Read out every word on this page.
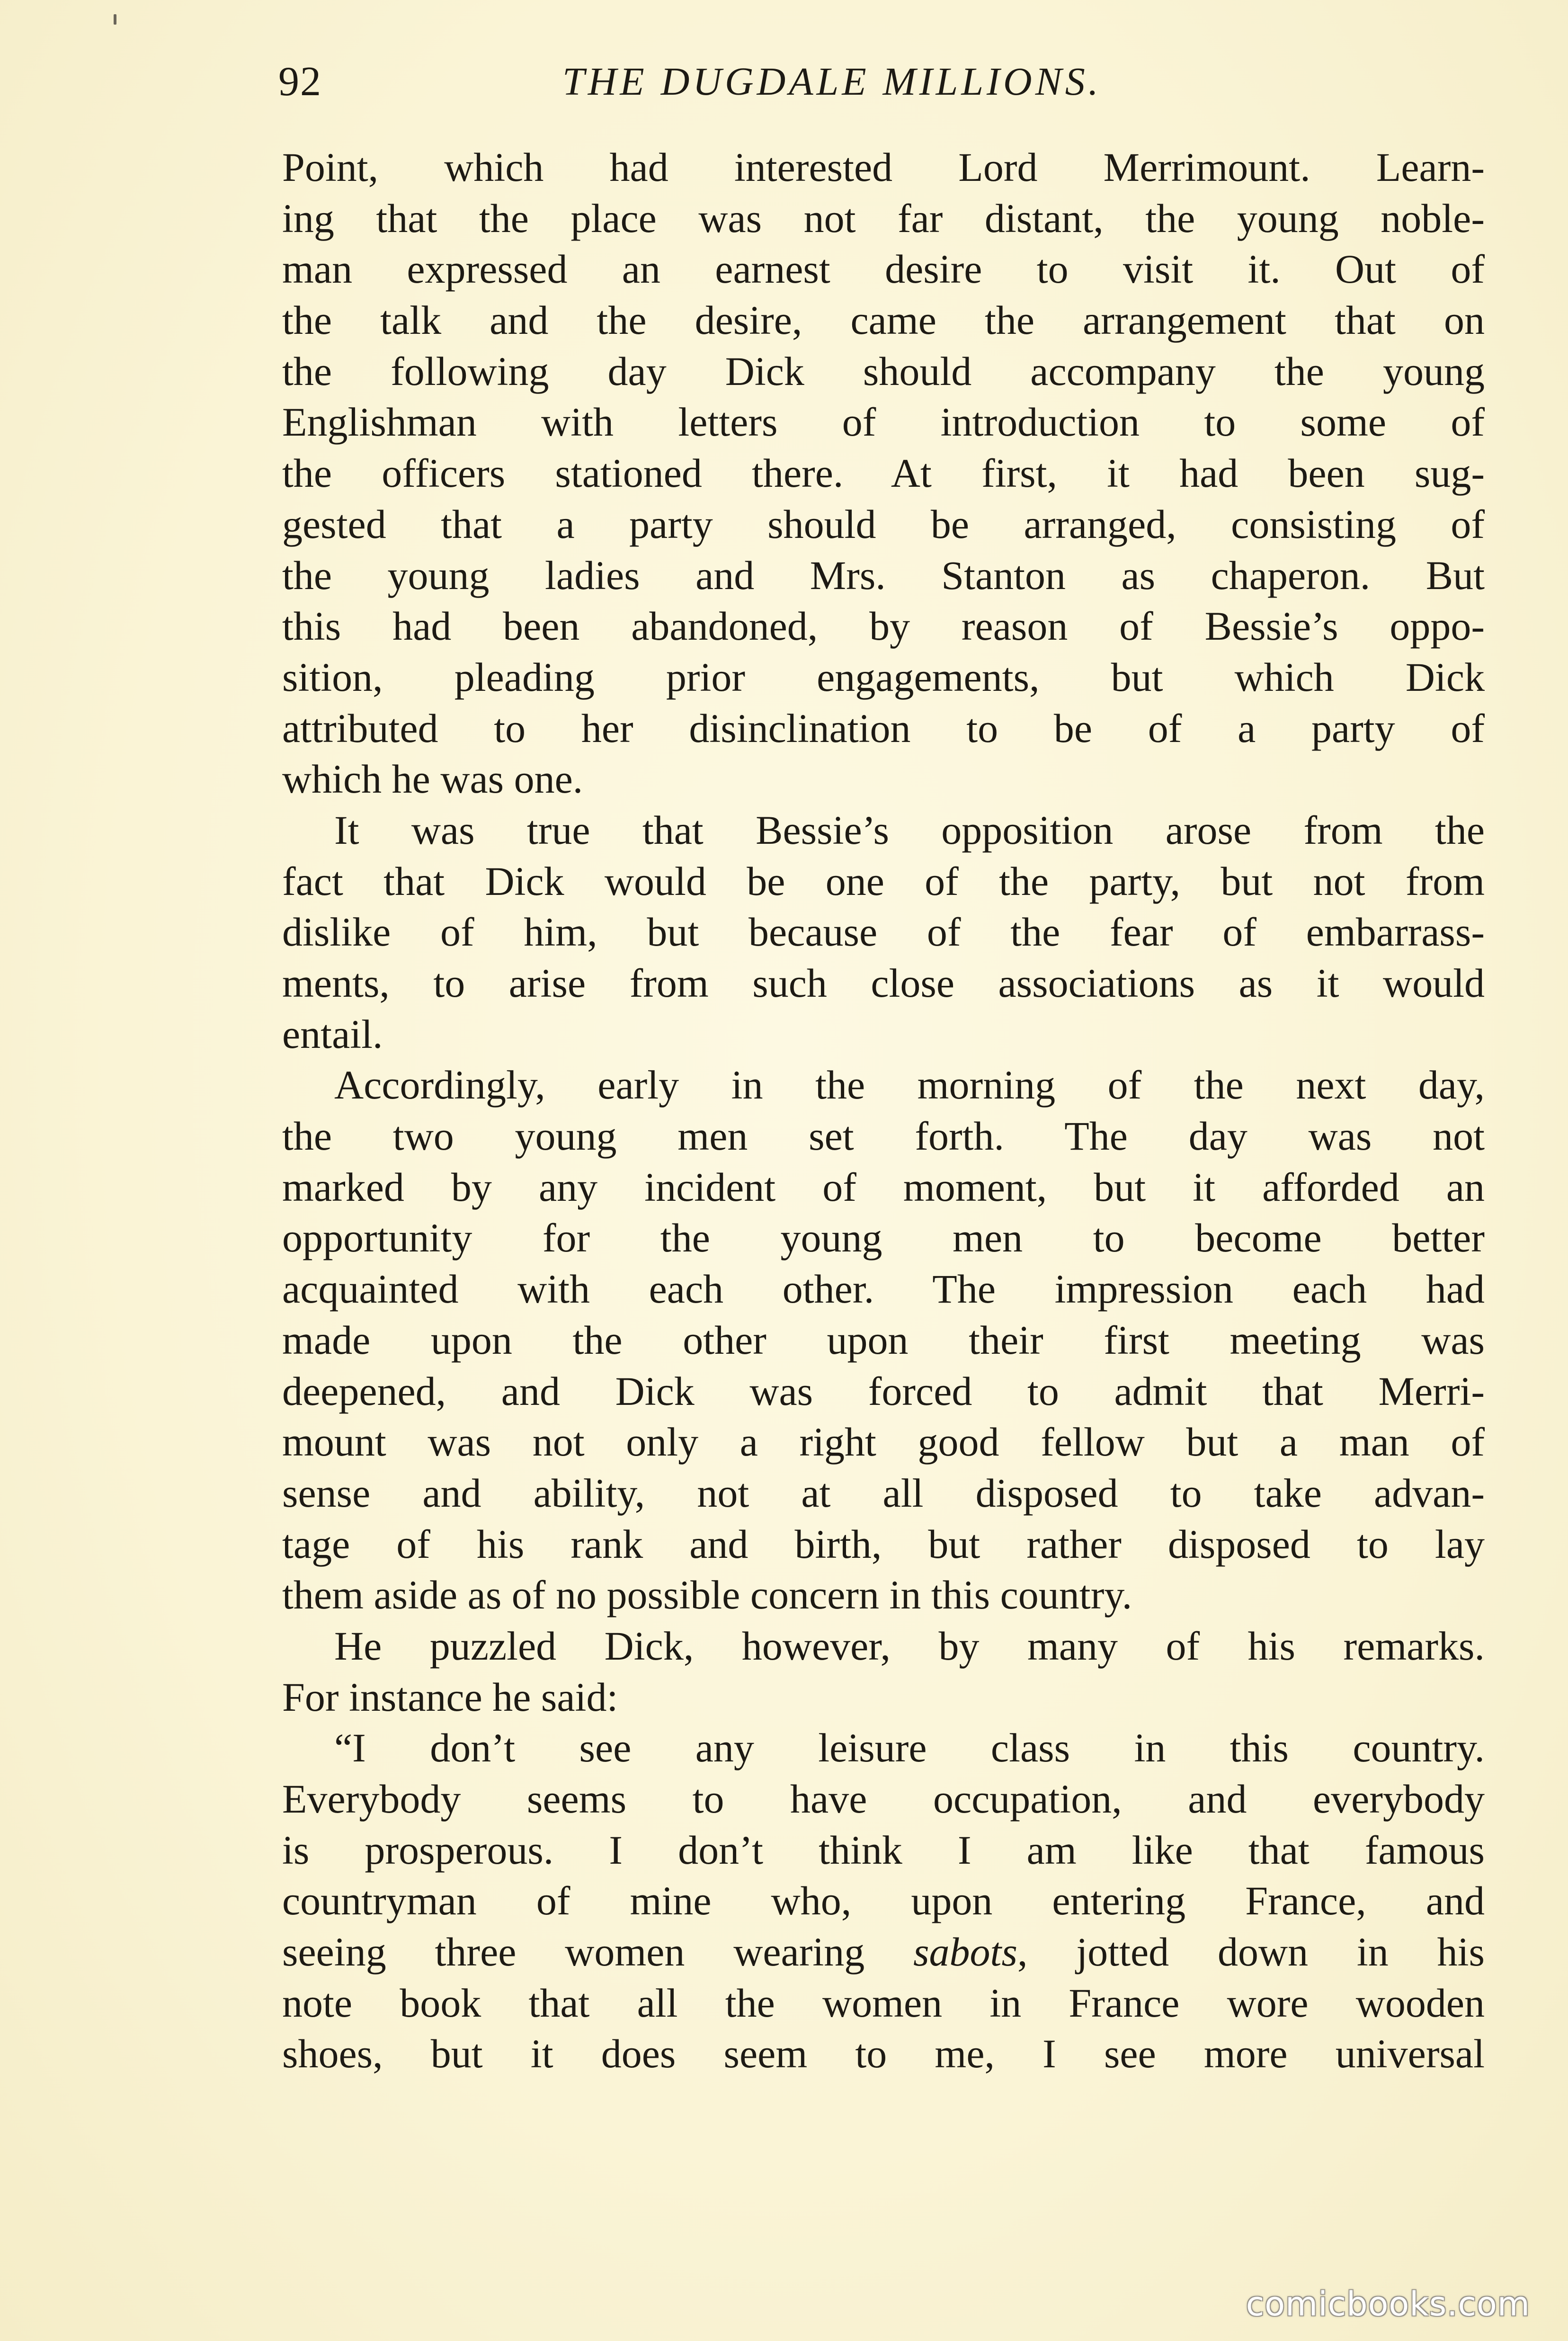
92	THE DUGDALE MILLIONS.
Point, which had interested Lord Merrimount. Learn-
ing that the place was not far distant, the young noble-
man expressed an earnest desire to visit it. Out of
the talk and the desire, came the arrangement that on
the following day Dick should accompany the young
Englishman with letters of introduction to some of
the officers stationed there. At first, it had been sug-
gested that a party should be arranged, consisting of
the young ladies and Mrs. Stanton as chaperon. But
this had been abandoned, by reason of Bessie’s oppo-
sition, pleading prior engagements, but which Dick
attributed to her disinclination to be of a party of
which he was one.
It was true that Bessie’s opposition arose from the
fact that Dick would be one of the party, but not from
dislike of him, but because of the fear of embarrass-
ments, to arise from such close associations as it would
entail.
Accordingly, early in the morning of the next day,
the two young men set forth. The day was not
marked by any incident of moment, but it afforded an
opportunity for the young men to become better
acquainted with each other. The impression each had
made upon the other upon their first meeting was
deepened, and Dick was forced to admit that Merri-
mount was not only a right good fellow but a man of
sense and ability, not at all disposed to take advan-
tage of his rank and birth, but rather disposed to lay
them aside as of no possible concern in this country.
He puzzled Dick, however, by many of his remarks.
For instance he said:
“I don’t see any leisure class in this country.
Everybody seems to have occupation, and everybody
is prosperous. I don’t think I am like that famous
countryman of mine who, upon entering France, and
seeing three women wearing sabots, jotted down in his
note book that all the women in France wore wooden
shoes, but it does seem to me, I see more universal
comicbooks.com
